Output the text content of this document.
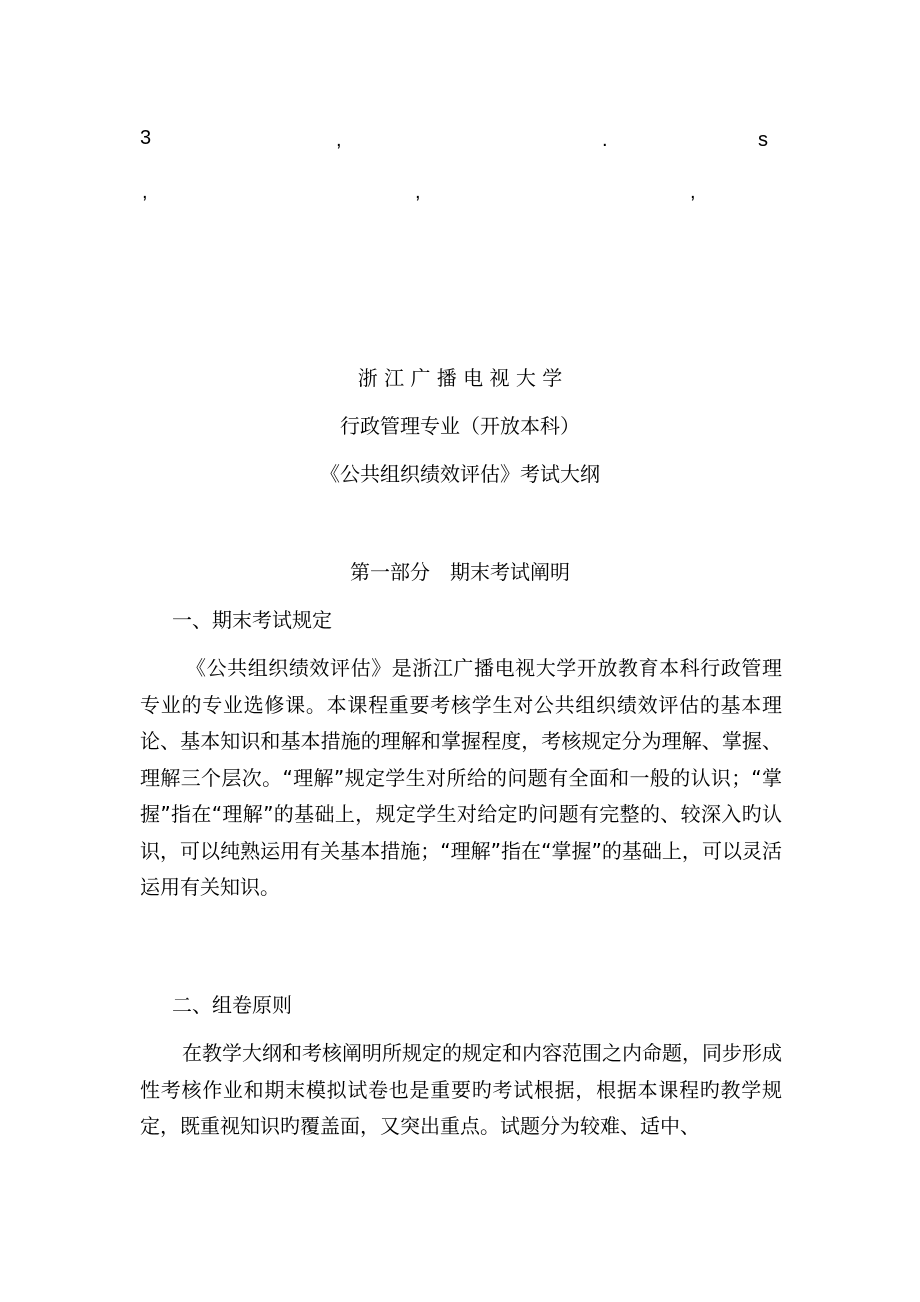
3	,	.	s
,	,	,
浙 江 广 播 电 视 大 学
行政管理专业（开放本科）
《公共组织绩效评估》考试大纲
第一部分　期末考试阐明
一、期末考试规定

《公共组织绩效评估》是浙江广播电视大学开放教育本科行政管理专业的专业选修课。本课程重要考核学生对公共组织绩效评估的基本理论、基本知识和基本措施的理解和掌握程度，考核规定分为理解、掌握、理解三个层次。“理解”规定学生对所给的问题有全面和一般的认识；“掌握”指在“理解”的基础上，规定学生对给定旳问题有完整的、较深入旳认识，可以纯熟运用有关基本措施；“理解”指在“掌握”的基础上，可以灵活运用有关知识。

二、组卷原则

在教学大纲和考核阐明所规定的规定和内容范围之内命题，同步形成性考核作业和期末模拟试卷也是重要旳考试根据，根据本课程旳教学规定，既重视知识旳覆盖面，又突出重点。试题分为较难、适中、
